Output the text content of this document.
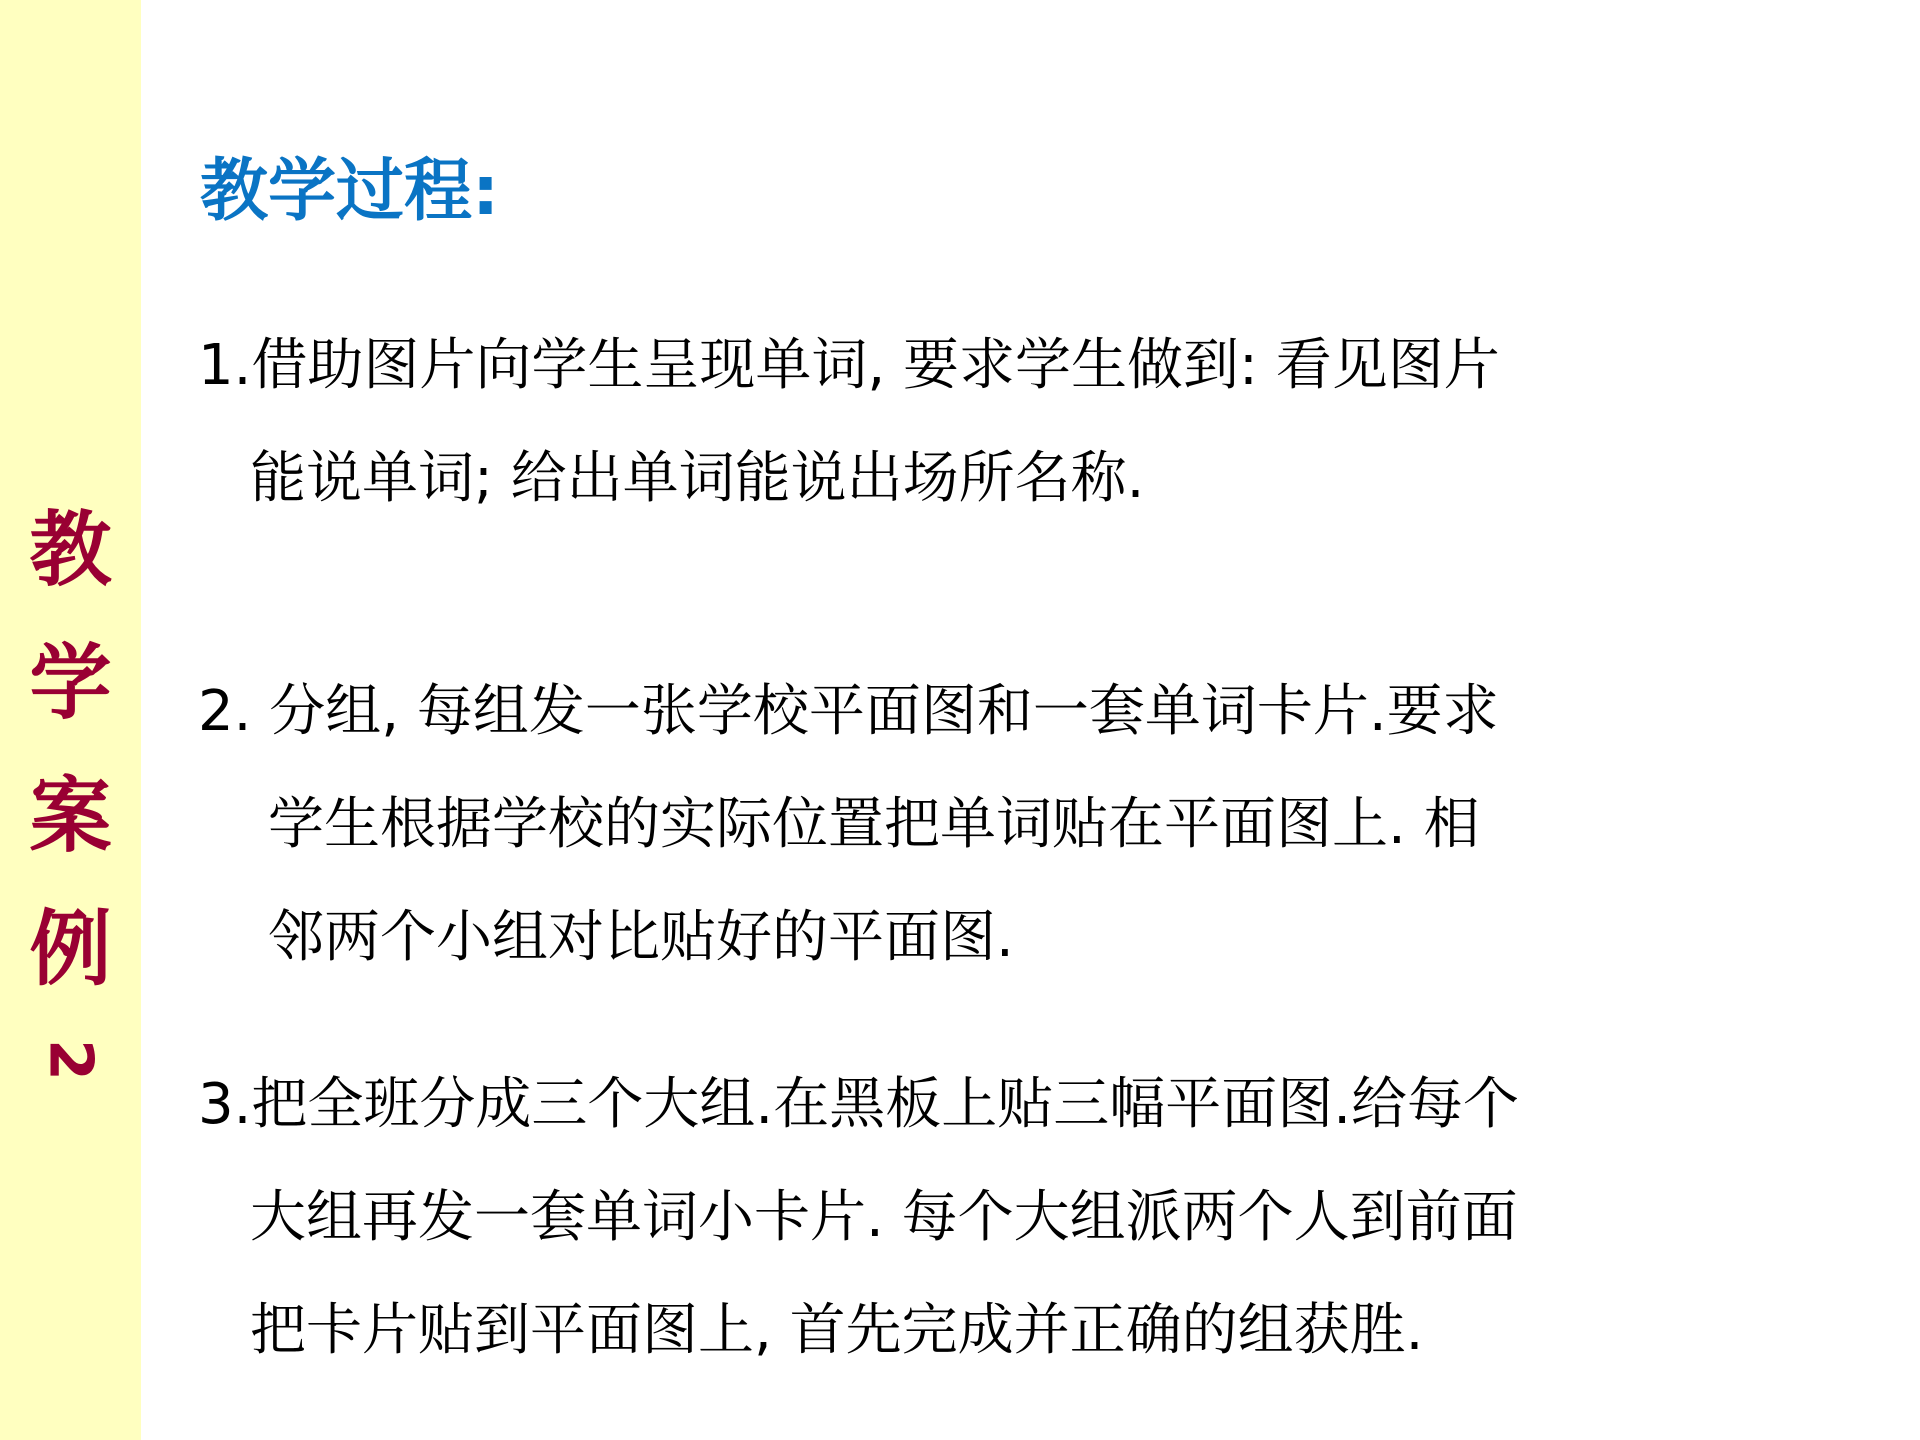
教
学
案
例
2
教学过程:
1.借助图片向学生呈现单词, 要求学生做到: 看见图片
能说单词; 给出单词能说出场所名称.
2. 分组, 每组发一张学校平面图和一套单词卡片.要求
学生根据学校的实际位置把单词贴在平面图上. 相
邻两个小组对比贴好的平面图.
3.把全班分成三个大组.在黑板上贴三幅平面图.给每个
大组再发一套单词小卡片. 每个大组派两个人到前面
把卡片贴到平面图上, 首先完成并正确的组获胜.
